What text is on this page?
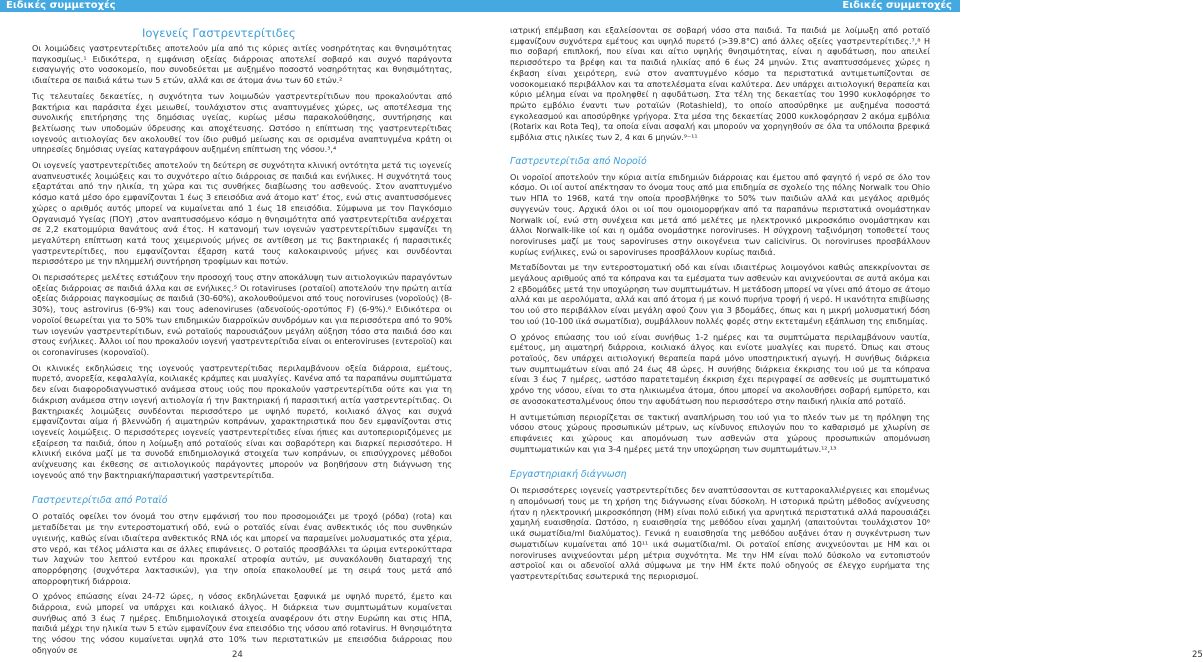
Ειδικές συμμετοχές	Ειδικές συμμετοχές
Ιογενείς Γαστρεντερίτιδες

Οι λοιμώδεις γαστρεντερίτιδες αποτελούν μία από τις κύριες αιτίες νοσηρότητας και θνησιμότητας παγκοσμίως.¹ Ειδικότερα, η εμφάνιση οξείας διάρροιας αποτελεί σοβαρό και συχνό παράγοντα εισαγωγής στο νοσοκομείο, που συνοδεύεται με αυξημένο ποσοστό νοσηρότητας και θνησιμότητας, ιδιαίτερα σε παιδιά κάτω των 5 ετών, αλλά και σε άτομα άνω των 60 ετών.²

Τις τελευταίες δεκαετίες, η συχνότητα των λοιμωδών γαστρεντερίτιδων που προκαλούνται από βακτήρια και παράσιτα έχει μειωθεί, τουλάχιστον στις αναπτυγμένες χώρες, ως αποτέλεσμα της συνολικής επιτήρησης της δημόσιας υγείας, κυρίως μέσω παρακολούθησης, συντήρησης και βελτίωσης των υποδομών ύδρευσης και αποχέτευσης. Ωστόσο η επίπτωση της γαστρεντερίτιδας ιογενούς αιτιολογίας δεν ακολουθεί τον ίδιο ρυθμό μείωσης και σε ορισμένα αναπτυγμένα κράτη οι υπηρεσίες δημόσιας υγείας καταγράφουν αυξημένη επίπτωση της νόσου.³,⁴

Οι ιογενείς γαστρεντερίτιδες αποτελούν τη δεύτερη σε συχνότητα κλινική οντότητα μετά τις ιογενείς αναπνευστικές λοιμώξεις και το συχνότερο αίτιο διάρροιας σε παιδιά και ενήλικες. Η συχνότητά τους εξαρτάται από την ηλικία, τη χώρα και τις συνθήκες διαβίωσης του ασθενούς. Στον αναπτυγμένο κόσμο κατά μέσο όρο εμφανίζονται 1 έως 3 επεισόδια ανά άτομο κατ' έτος, ενώ στις αναπτυσσόμενες χώρες ο αριθμός αυτός μπορεί να κυμαίνεται από 1 έως 18 επεισόδια. Σύμφωνα με τον Παγκόσμιο Οργανισμό Υγείας (ΠΟΥ) ,στον αναπτυσσόμενο κόσμο η θνησιμότητα από γαστρεντερίτιδα ανέρχεται σε 2,2 εκατομμύρια θανάτους ανά έτος. Η κατανομή των ιογενών γαστρεντερίτιδων εμφανίζει τη μεγαλύτερη επίπτωση κατά τους χειμερινούς μήνες σε αντίθεση με τις βακτηριακές ή παρασιτικές γαστρεντερίτιδες, που εμφανίζονται έξαρση κατά τους καλοκαιρινούς μήνες και συνδέονται περισσότερο με την πλημμελή συντήρηση τροφίμων και ποτών.

Οι περισσότερες μελέτες εστιάζουν την προσοχή τους στην αποκάλυψη των αιτιολογικών παραγόντων οξείας διάρροιας σε παιδιά άλλα και σε ενήλικες.⁵ Οι rotaviruses (ροταϊοί) αποτελούν την πρώτη αιτία οξείας διάρροιας παγκοσμίως σε παιδιά (30-60%), ακολουθούμενοι από τους noroviruses (νοροϊούς) (8-30%), τους astrovirus (6-9%) και τους adenoviruses (αδενοϊούς-οροτύπος F) (6-9%).⁶ Ειδικότερα οι νοροϊοί θεωρείται για το 50% των επιδημικών διαρροϊκών συνδρόμων και για περισσότερα από το 90% των ιογενών γαστρεντερίτιδων, ενώ ροταϊούς παρουσιάζουν μεγάλη αύξηση τόσο στα παιδιά όσο και στους ενήλικες. Άλλοι ιοί που προκαλούν ιογενή γαστρεντερίτιδα είναι οι enteroviruses (εντεροϊοί) και οι coronaviruses (κοροναϊοί).

Οι κλινικές εκδηλώσεις της ιογενούς γαστρεντερίτιδας περιλαμβάνουν οξεία διάρροια, εμέτους, πυρετό, ανορεξία, κεφαλαλγία, κοιλιακές κράμπες και μυαλγίες. Κανένα από τα παραπάνω συμπτώματα δεν είναι διαφοροδιαγνωστικό ανάμεσα στους ιούς που προκαλούν γαστρεντερίτιδα ούτε και για τη διάκριση ανάμεσα στην ιογενή αιτιολογία ή την βακτηριακή ή παρασιτική αιτία γαστρεντερίτιδας. Οι βακτηριακές λοιμώξεις συνδέονται περισσότερο με υψηλό πυρετό, κοιλιακό άλγος και συχνά εμφανίζονται αίμα ή βλεννώδη ή αιματηρών κοπράνων, χαρακτηριστικά που δεν εμφανίζονται στις ιογενείς λοιμώξεις. Ο περισσότερες ιογενείς γαστρεντερίτιδες είναι ήπιες και αυτοπεριοριζόμενες με εξαίρεση τα παιδιά, όπου η λοίμωξη από ροταϊούς είναι και σοβαρότερη και διαρκεί περισσότερο. Η κλινική εικόνα μαζί με τα συνοδά επιδημιολογικά στοιχεία των κοπράνων, οι επισύγχρονες μέθοδοι ανίχνευσης και έκθεσης σε αιτιολογικούς παράγοντες μπορούν να βοηθήσουν στη διάγνωση της ιογενούς από την βακτηριακή/παρασιτική γαστρεντερίτιδα.

Γαστρεντερίτιδα από Ροταϊό

Ο ροταϊός οφείλει τον όνομά του στην εμφάνισή του που προσομοιάζει με τροχό (ρόδα) (rota) και μεταδίδεται με την εντεροστοματική οδό, ενώ ο ροταϊός είναι ένας ανθεκτικός ιός που συνθηκών υγιεινής, καθώς είναι ιδιαίτερα ανθεκτικός RNA ιός και μπορεί να παραμείνει μολυσματικός στα χέρια, στο νερό, και τέλος μάλιστα και σε άλλες επιφάνειες. Ο ροταϊός προσβάλλει τα ώριμα εντεροκύτταρα των λαχνών του λεπτού εντέρου και προκαλεί ατροφία αυτών, με συνακόλουθη διαταραχή της απορρόφησης (συχνότερα λακτασικών), για την οποία επακολουθεί με τη σειρά τους μετά από απορροφητική διάρροια.

Ο χρόνος επώασης είναι 24-72 ώρες, η νόσος εκδηλώνεται ξαφνικά με υψηλό πυρετό, έμετο και διάρροια, ενώ μπορεί να υπάρχει και κοιλιακό άλγος. Η διάρκεια των συμπτωμάτων κυμαίνεται συνήθως από 3 έως 7 ημέρες. Επιδημιολογικά στοιχεία αναφέρουν ότι στην Ευρώπη και στις ΗΠΑ, παιδιά μέχρι την ηλικία των 5 ετών εμφανίζουν ένα επεισόδιο της νόσου από rotavirus. Η θνησιμότητα της νόσου της νόσου κυμαίνεται υψηλά στο 10% των περιστατικών με επεισόδια διάρροιας που οδηγούν σε	24

ιατρική επέμβαση και εξαλείσονται σε σοβαρή νόσο στα παιδιά. Τα παιδιά με λοίμωξη από ροταϊό εμφανίζουν συχνότερα εμέτους και υψηλό πυρετό (>39.8°C) από άλλες οξείες γαστρεντερίτιδες.⁷,⁸ Η πιο σοβαρή επιπλοκή, που είναι και αίτιο υψηλής θνησιμότητας, είναι η αφυδάτωση, που απειλεί περισσότερο τα βρέφη και τα παιδιά ηλικίας από 6 έως 24 μηνών. Στις αναπτυσσόμενες χώρες η έκβαση είναι χειρότερη, ενώ στον αναπτυγμένο κόσμο τα περιστατικά αντιμετωπίζονται σε νοσοκομειακό περιβάλλον και τα αποτελέσματα είναι καλύτερα. Δεν υπάρχει αιτιολογική θεραπεία και κύριο μέλημα είναι να προληφθεί η αφυδάτωση. Στα τέλη της δεκαετίας του 1990 κυκλοφόρησε το πρώτο εμβόλιο έναντι των ροταϊών (Rotashield), το οποίο αποσύρθηκε με αυξημένα ποσοστά εγκολεασμού και αποσύρθηκε γρήγορα. Στα μέσα της δεκαετίας 2000 κυκλοφόρησαν 2 ακόμα εμβόλια (Rotarix και Rota Teq), τα οποία είναι ασφαλή και μπορούν να χορηγηθούν σε όλα τα υπόλοιπα βρεφικά εμβόλια στις ηλικίες των 2, 4 και 6 μηνών.⁹⁻¹¹

Γαστρεντερίτιδα από Νοροϊό

Οι νοροϊοί αποτελούν την κύρια αιτία επιδημιών διάρροιας και έμετου από φαγητό ή νερό σε όλο τον κόσμο. Οι ιοί αυτοί απέκτησαν το όνομα τους από μια επιδημία σε σχολείο της πόλης Norwalk του Ohio των ΗΠΑ το 1968, κατά την οποία προσβλήθηκε το 50% των παιδιών αλλά και μεγάλος αριθμός συγγενών τους. Αρχικά όλοι οι ιοί που ομοιομορφήκαν από τα παραπάνω περιστατικά ονομάστηκαν Norwalk ιοί, ενώ στη συνέχεια και μετά από μελέτες με ηλεκτρονικό μικροσκόπιο ονομάστηκαν και άλλοι Norwalk-like ιοί και η ομάδα ονομάστηκε noroviruses. Η σύγχρονη ταξινόμηση τοποθετεί τους noroviruses μαζί με τους sapoviruses στην οικογένεια των calicivirus. Οι noroviruses προσβάλλουν κυρίως ενήλικες, ενώ οι sapoviruses προσβάλλουν κυρίως παιδιά.

Μεταδίδονται με την εντεροστοματική οδό και είναι ιδιαιτέρως λοιμογόνοι καθώς απεκκρίνονται σε μεγάλους αριθμούς από τα κόπρανα και τα εμέσματα των ασθενών και ανιχνεύονται σε αυτά ακόμα και 2 εβδομάδες μετά την υποχώρηση των συμπτωμάτων. Η μετάδοση μπορεί να γίνει από άτομο σε άτομο αλλά και με αερολύματα, αλλά και από άτομα ή με κοινό πυρήνα τροφή ή νερό. Η ικανότητα επιβίωσης του ιού στο περιβάλλον είναι μεγάλη αφού ζουν για 3 βδομάδες, όπως και η μικρή μολυσματική δόση του ιού (10-100 ιϊκά σωματίδια), συμβάλλουν πολλές φορές στην εκτεταμένη εξάπλωση της επιδημίας.

Ο χρόνος επώασης του ιού είναι συνήθως 1-2 ημέρες και τα συμπτώματα περιλαμβάνουν ναυτία, εμέτους, μη αιματηρή διάρροια, κοιλιακό άλγος και ενίοτε μυαλγίες και πυρετό. Όπως και στους ροταϊούς, δεν υπάρχει αιτιολογική θεραπεία παρά μόνο υποστηρικτική αγωγή. Η συνήθως διάρκεια των συμπτωμάτων είναι από 24 έως 48 ώρες. Η συνήθης διάρκεια έκκρισης του ιού με τα κόπρανα είναι 3 έως 7 ημέρες, ωστόσο παρατεταμένη έκκριση έχει περιγραφεί σε ασθενείς με συμπτωματικό χρόνο της νόσου, είναι το στα ηλικιωμένα άτομα, όπου μπορεί να ακολουθήσει σοβαρή εμπύρετο, και σε ανοσοκατεσταλμένους όπου την αφυδάτωση που περισσότερο στην παιδική ηλικία από ροταϊό.

Η αντιμετώπιση περιορίζεται σε τακτική αναπλήρωση του ιού για το πλεόν των με τη πρόληψη της νόσου στους χώρους προσωπικών μέτρων, ως κίνδυνος επιλογών που το καθαρισμό με χλωρίνη σε επιφάνειες και χώρους και απομόνωση των ασθενών στα χώρους προσωπικών απομόνωση συμπτωματικών και για 3-4 ημέρες μετά την υποχώρηση των συμπτωμάτων.¹²,¹³

Εργαστηριακή διάγνωση

Οι περισσότερες ιογενείς γαστρεντερίτιδες δεν αναπτύσσονται σε κυτταροκαλλιέργειες και επομένως η απομόνωσή τους με τη χρήση της διάγνωσης είναι δύσκολη. Η ιστορικά πρώτη μέθοδος ανίχνευσης ήταν η ηλεκτρονική μικροσκόπηση (ΗΜ) είναι πολύ ειδική για αρνητικά περιστατικά αλλά παρουσιάζει χαμηλή ευαισθησία. Ωστόσο, η ευαισθησία της μεθόδου είναι χαμηλή (απαιτούνται τουλάχιστον 10⁶ ιικά σωματίδια/ml διαλύματος). Γενικά η ευαισθησία της μεθόδου αυξάνει όταν η συγκέντρωση των σωματιδίων κυμαίνεται από 10¹¹ ιικά σωματίδια/ml. Οι ροταϊοί επίσης ανιχνεύονται με HM και οι noroviruses ανιχνεύονται μέρη μέτρια συχνότητα. Με την HM είναι πολύ δύσκολο να εντοπιστούν αστροϊοί και οι αδενοϊοί αλλά σύμφωνα με την HM έκτε πολύ οδηγούς σε έλεγχο ευρήματα της γαστρεντερίτιδας εσωτερικά της περιορισμοί.

25
